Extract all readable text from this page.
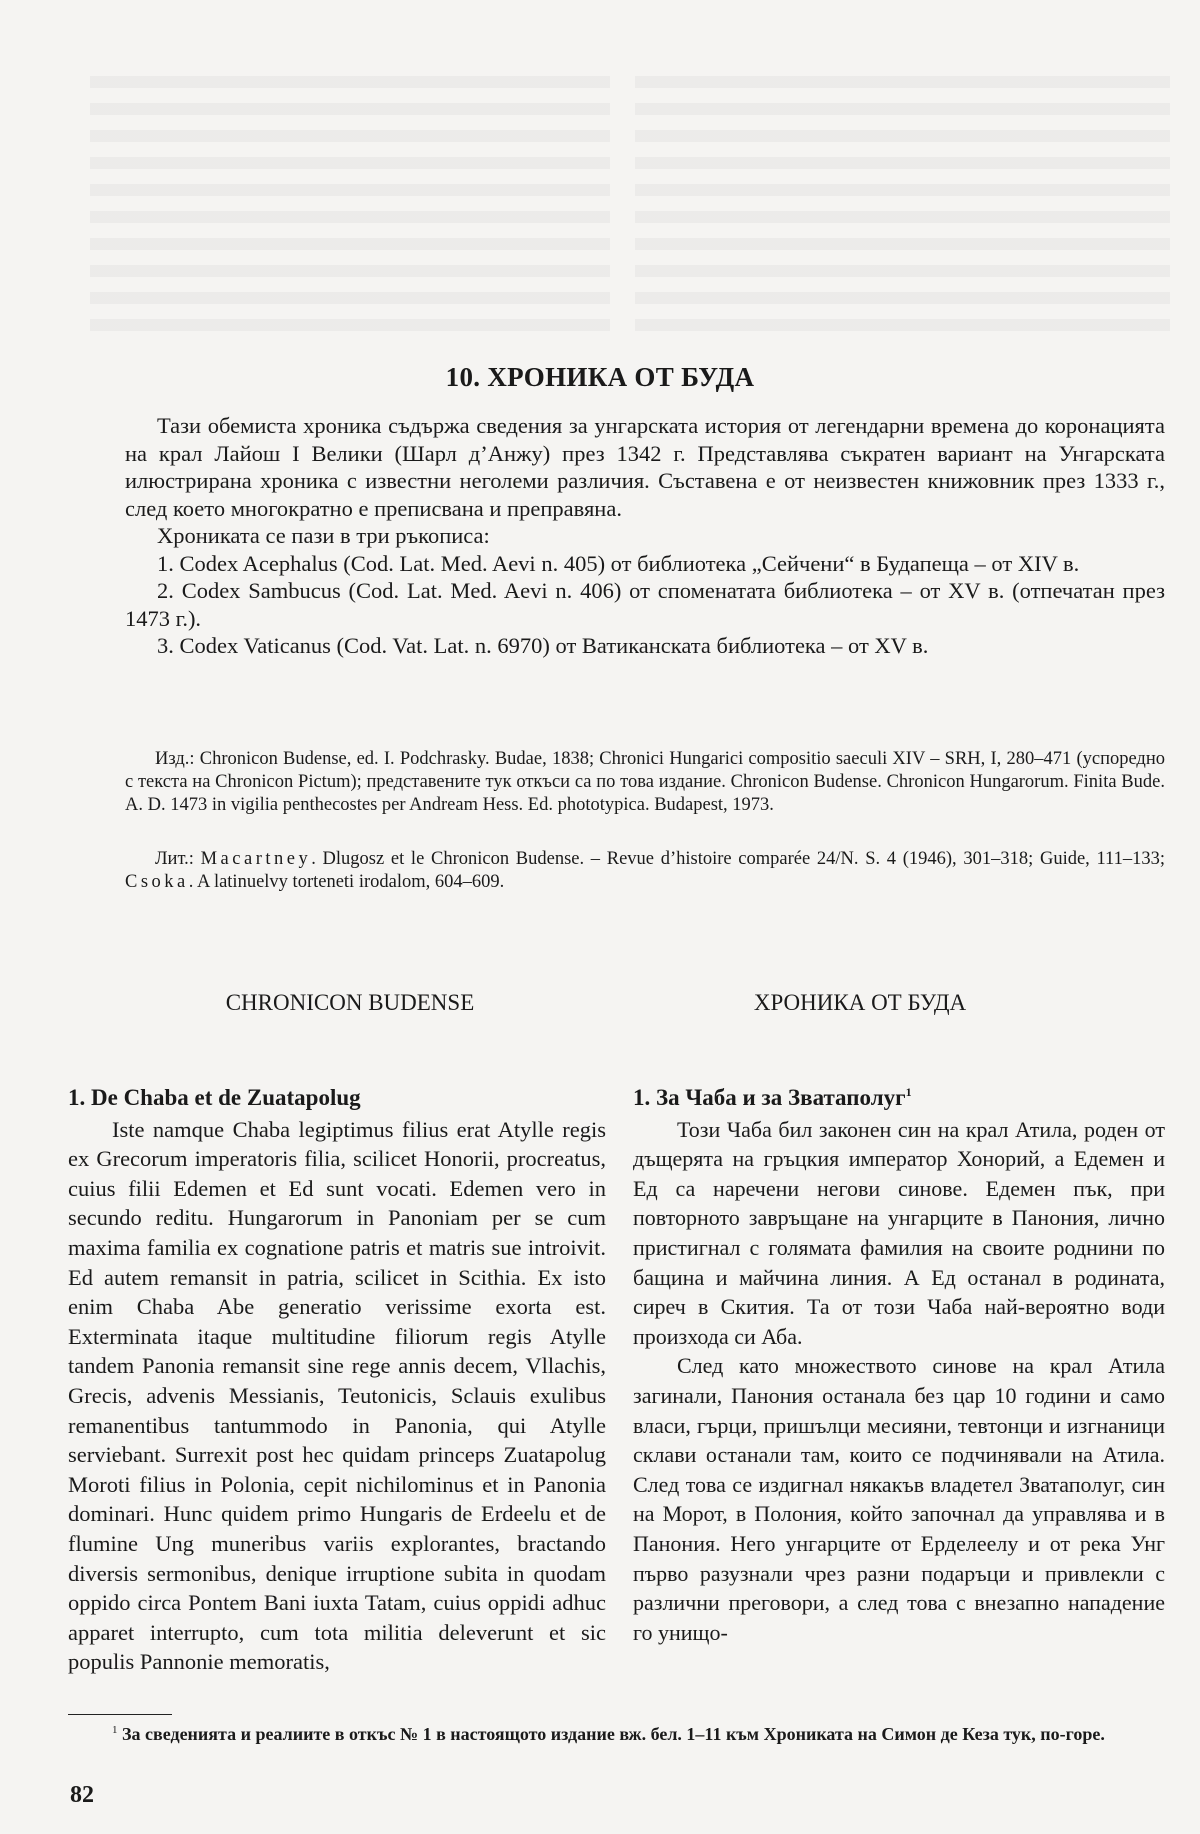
10. ХРОНИКА ОТ БУДА

Тази обемиста хроника съдържа сведения за унгарската история от легендарни времена до коронацията на крал Лайош I Велики (Шарл д’Анжу) през 1342 г. Представлява съкратен вариант на Унгарската илюстрирана хроника с известни неголеми различия. Съставена е от неизвестен книжовник през 1333 г., след което многократно е преписвана и преправяна.

Хрониката се пази в три ръкописа:

1. Codex Acephalus (Cod. Lat. Med. Aevi n. 405) от библиотека „Сейчени“ в Будапеща – от XIV в.

2. Codex Sambucus (Cod. Lat. Med. Aevi n. 406) от споменатата библиотека – от XV в. (отпечатан през 1473 г.).

3. Codex Vaticanus (Cod. Vat. Lat. n. 6970) от Ватиканската библиотека – от XV в.

Изд.: Chronicon Budense, ed. I. Podchrasky. Budae, 1838; Chronici Hungarici compositio saeculi XIV – SRH, I, 280–471 (успоредно с текста на Chronicon Pictum); представените тук откъси са по това издание. Chronicon Budense. Chronicon Hungarorum. Finita Bude. A. D. 1473 in vigilia penthecostes per Andream Hess. Ed. phototypica. Budapest, 1973.

Лит.: Macartney. Dlugosz et le Chronicon Budense. – Revue d’histoire comparée 24/N. S. 4 (1946), 301–318; Guide, 111–133; Csoka. A latinuelvy torteneti irodalom, 604–609.

CHRONICON BUDENSE	ХРОНИКА ОТ БУДА
1. De Chaba et de Zuatapolug

Iste namque Chaba legiptimus filius erat Atylle regis ex Grecorum imperatoris filia, scilicet Honorii, procreatus, cuius filii Edemen et Ed sunt vocati. Edemen vero in secundo reditu. Hungarorum in Panoniam per se cum maxima familia ex cognatione patris et matris sue introivit. Ed autem remansit in patria, scilicet in Scithia. Ex isto enim Chaba Abe generatio verissime exorta est. Exterminata itaque multitudine filiorum regis Atylle tandem Panonia remansit sine rege annis decem, Vllachis, Grecis, advenis Messianis, Teutonicis, Sclauis exulibus remanentibus tantummodo in Panonia, qui Atylle serviebant. Surrexit post hec quidam princeps Zuatapolug Moroti filius in Polonia, cepit nichilominus et in Panonia dominari. Hunc quidem primo Hungaris de Erdeelu et de flumine Ung muneribus variis explorantes, bractando diversis sermonibus, denique irruptione subita in quodam oppido circa Pontem Bani iuxta Tatam, cuius oppidi adhuc apparet interrupto, cum tota militia deleverunt et sic populis Pannonie memoratis,

1. За Чаба и за Зватаполуг$^1$

Този Чаба бил законен син на крал Атила, роден от дъщерята на гръцкия император Хонорий, а Едемен и Ед са наречени негови синове. Едемен пък, при повторното завръщане на унгарците в Панония, лично пристигнал с голямата фамилия на своите роднини по бащина и майчина линия. А Ед останал в родината, сиреч в Скития. Та от този Чаба най-вероятно води произхода си Аба.

След като множеството синове на крал Атила загинали, Панония останала без цар 10 години и само власи, гърци, пришълци месияни, тевтонци и изгнаници склави останали там, които се подчинявали на Атила. След това се издигнал някакъв владетел Зватаполуг, син на Морот, в Полония, който започнал да управлява и в Панония. Него унгарците от Ерделеелу и от река Унг първо разузнали чрез разни подаръци и привлекли с различни преговори, а след това с внезапно нападение го унищо-

$^1$ За сведенията и реалиите в откъс № 1 в настоящото издание вж. бел. 1–11 към Хрониката на Симон де Кеза тук, по-горе.

82
